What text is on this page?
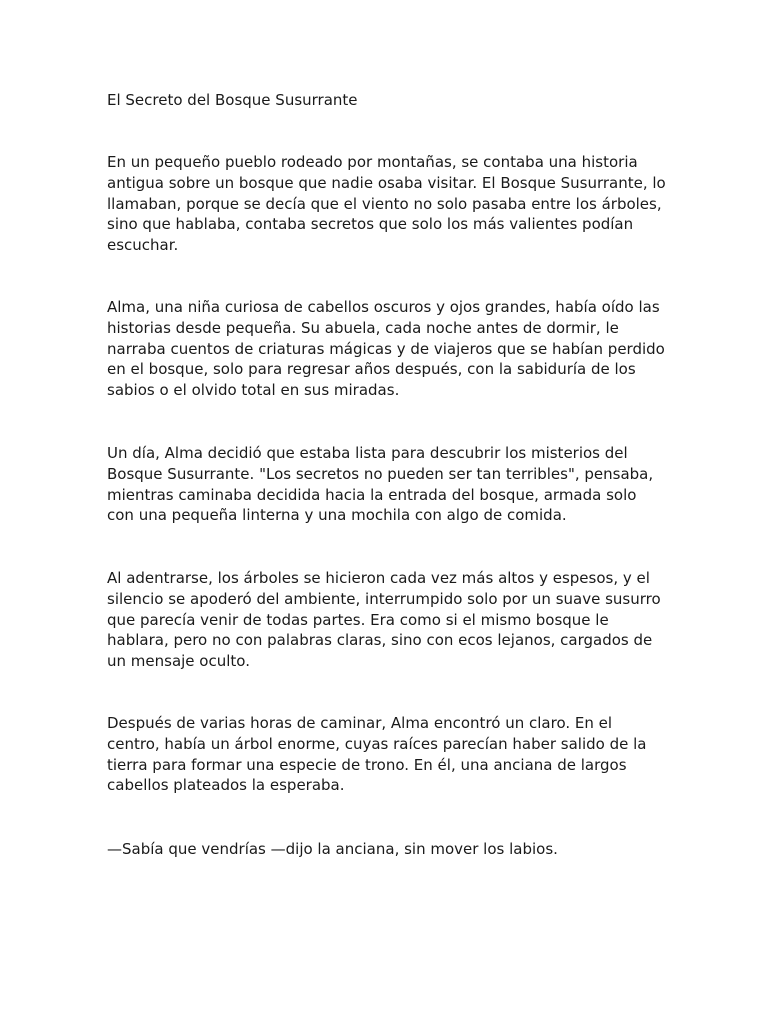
El Secreto del Bosque Susurrante

En un pequeño pueblo rodeado por montañas, se contaba una historia antigua sobre un bosque que nadie osaba visitar. El Bosque Susurrante, lo llamaban, porque se decía que el viento no solo pasaba entre los árboles, sino que hablaba, contaba secretos que solo los más valientes podían escuchar.

Alma, una niña curiosa de cabellos oscuros y ojos grandes, había oído las historias desde pequeña. Su abuela, cada noche antes de dormir, le narraba cuentos de criaturas mágicas y de viajeros que se habían perdido en el bosque, solo para regresar años después, con la sabiduría de los sabios o el olvido total en sus miradas.

Un día, Alma decidió que estaba lista para descubrir los misterios del Bosque Susurrante. "Los secretos no pueden ser tan terribles", pensaba, mientras caminaba decidida hacia la entrada del bosque, armada solo con una pequeña linterna y una mochila con algo de comida.

Al adentrarse, los árboles se hicieron cada vez más altos y espesos, y el silencio se apoderó del ambiente, interrumpido solo por un suave susurro que parecía venir de todas partes. Era como si el mismo bosque le hablara, pero no con palabras claras, sino con ecos lejanos, cargados de un mensaje oculto.

Después de varias horas de caminar, Alma encontró un claro. En el centro, había un árbol enorme, cuyas raíces parecían haber salido de la tierra para formar una especie de trono. En él, una anciana de largos cabellos plateados la esperaba.

—Sabía que vendrías —dijo la anciana, sin mover los labios.
